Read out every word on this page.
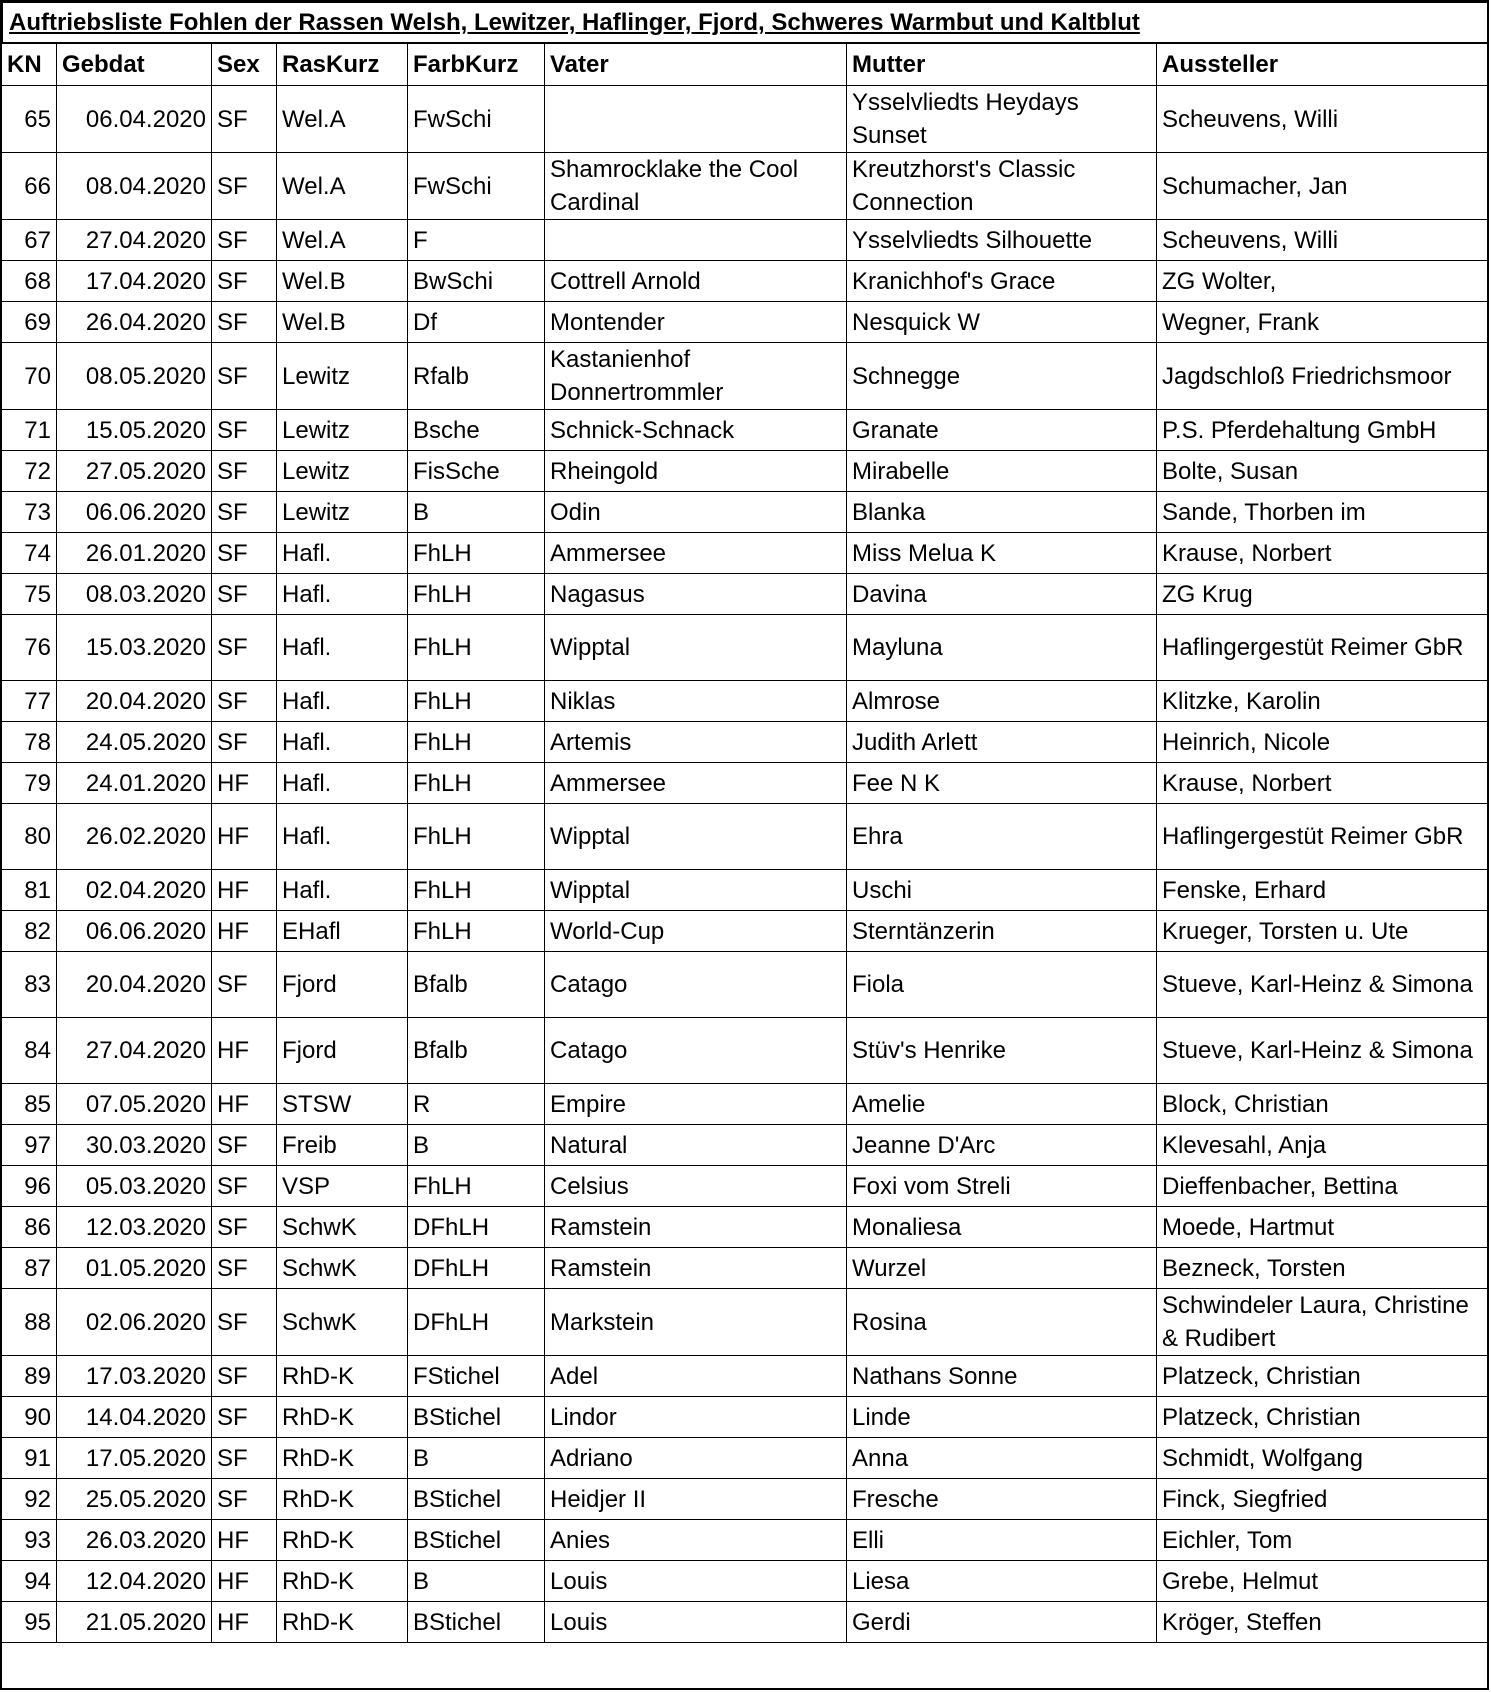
Auftriebsliste Fohlen der Rassen Welsh, Lewitzer, Haflinger, Fjord, Schweres Warmbut und Kaltblut
KN	Gebdat	Sex	RasKurz	FarbKurz	Vater	Mutter	Aussteller
65	06.04.2020	SF	Wel.A	FwSchi		Ysselvliedts Heydays Sunset	Scheuvens, Willi
66	08.04.2020	SF	Wel.A	FwSchi	Shamrocklake the Cool Cardinal	Kreutzhorst's Classic Connection	Schumacher, Jan
67	27.04.2020	SF	Wel.A	F		Ysselvliedts Silhouette	Scheuvens, Willi
68	17.04.2020	SF	Wel.B	BwSchi	Cottrell Arnold	Kranichhof's Grace	ZG Wolter,
69	26.04.2020	SF	Wel.B	Df	Montender	Nesquick W	Wegner, Frank
70	08.05.2020	SF	Lewitz	Rfalb	Kastanienhof Donnertrommler	Schnegge	Jagdschloß Friedrichsmoor
71	15.05.2020	SF	Lewitz	Bsche	Schnick-Schnack	Granate	P.S. Pferdehaltung GmbH
72	27.05.2020	SF	Lewitz	FisSche	Rheingold	Mirabelle	Bolte, Susan
73	06.06.2020	SF	Lewitz	B	Odin	Blanka	Sande, Thorben im
74	26.01.2020	SF	Hafl.	FhLH	Ammersee	Miss Melua K	Krause, Norbert
75	08.03.2020	SF	Hafl.	FhLH	Nagasus	Davina	ZG Krug
76	15.03.2020	SF	Hafl.	FhLH	Wipptal	Mayluna	Haflingergestüt Reimer GbR
77	20.04.2020	SF	Hafl.	FhLH	Niklas	Almrose	Klitzke, Karolin
78	24.05.2020	SF	Hafl.	FhLH	Artemis	Judith Arlett	Heinrich, Nicole
79	24.01.2020	HF	Hafl.	FhLH	Ammersee	Fee N K	Krause, Norbert
80	26.02.2020	HF	Hafl.	FhLH	Wipptal	Ehra	Haflingergestüt Reimer GbR
81	02.04.2020	HF	Hafl.	FhLH	Wipptal	Uschi	Fenske, Erhard
82	06.06.2020	HF	EHafl	FhLH	World-Cup	Sterntänzerin	Krueger, Torsten u. Ute
83	20.04.2020	SF	Fjord	Bfalb	Catago	Fiola	Stueve, Karl-Heinz & Simona
84	27.04.2020	HF	Fjord	Bfalb	Catago	Stüv's Henrike	Stueve, Karl-Heinz & Simona
85	07.05.2020	HF	STSW	R	Empire	Amelie	Block, Christian
97	30.03.2020	SF	Freib	B	Natural	Jeanne D'Arc	Klevesahl, Anja
96	05.03.2020	SF	VSP	FhLH	Celsius	Foxi vom Streli	Dieffenbacher, Bettina
86	12.03.2020	SF	SchwK	DFhLH	Ramstein	Monaliesa	Moede, Hartmut
87	01.05.2020	SF	SchwK	DFhLH	Ramstein	Wurzel	Bezneck, Torsten
88	02.06.2020	SF	SchwK	DFhLH	Markstein	Rosina	Schwindeler Laura, Christine & Rudibert
89	17.03.2020	SF	RhD-K	FStichel	Adel	Nathans Sonne	Platzeck, Christian
90	14.04.2020	SF	RhD-K	BStichel	Lindor	Linde	Platzeck, Christian
91	17.05.2020	SF	RhD-K	B	Adriano	Anna	Schmidt, Wolfgang
92	25.05.2020	SF	RhD-K	BStichel	Heidjer II	Fresche	Finck, Siegfried
93	26.03.2020	HF	RhD-K	BStichel	Anies	Elli	Eichler, Tom
94	12.04.2020	HF	RhD-K	B	Louis	Liesa	Grebe, Helmut
95	21.05.2020	HF	RhD-K	BStichel	Louis	Gerdi	Kröger, Steffen
